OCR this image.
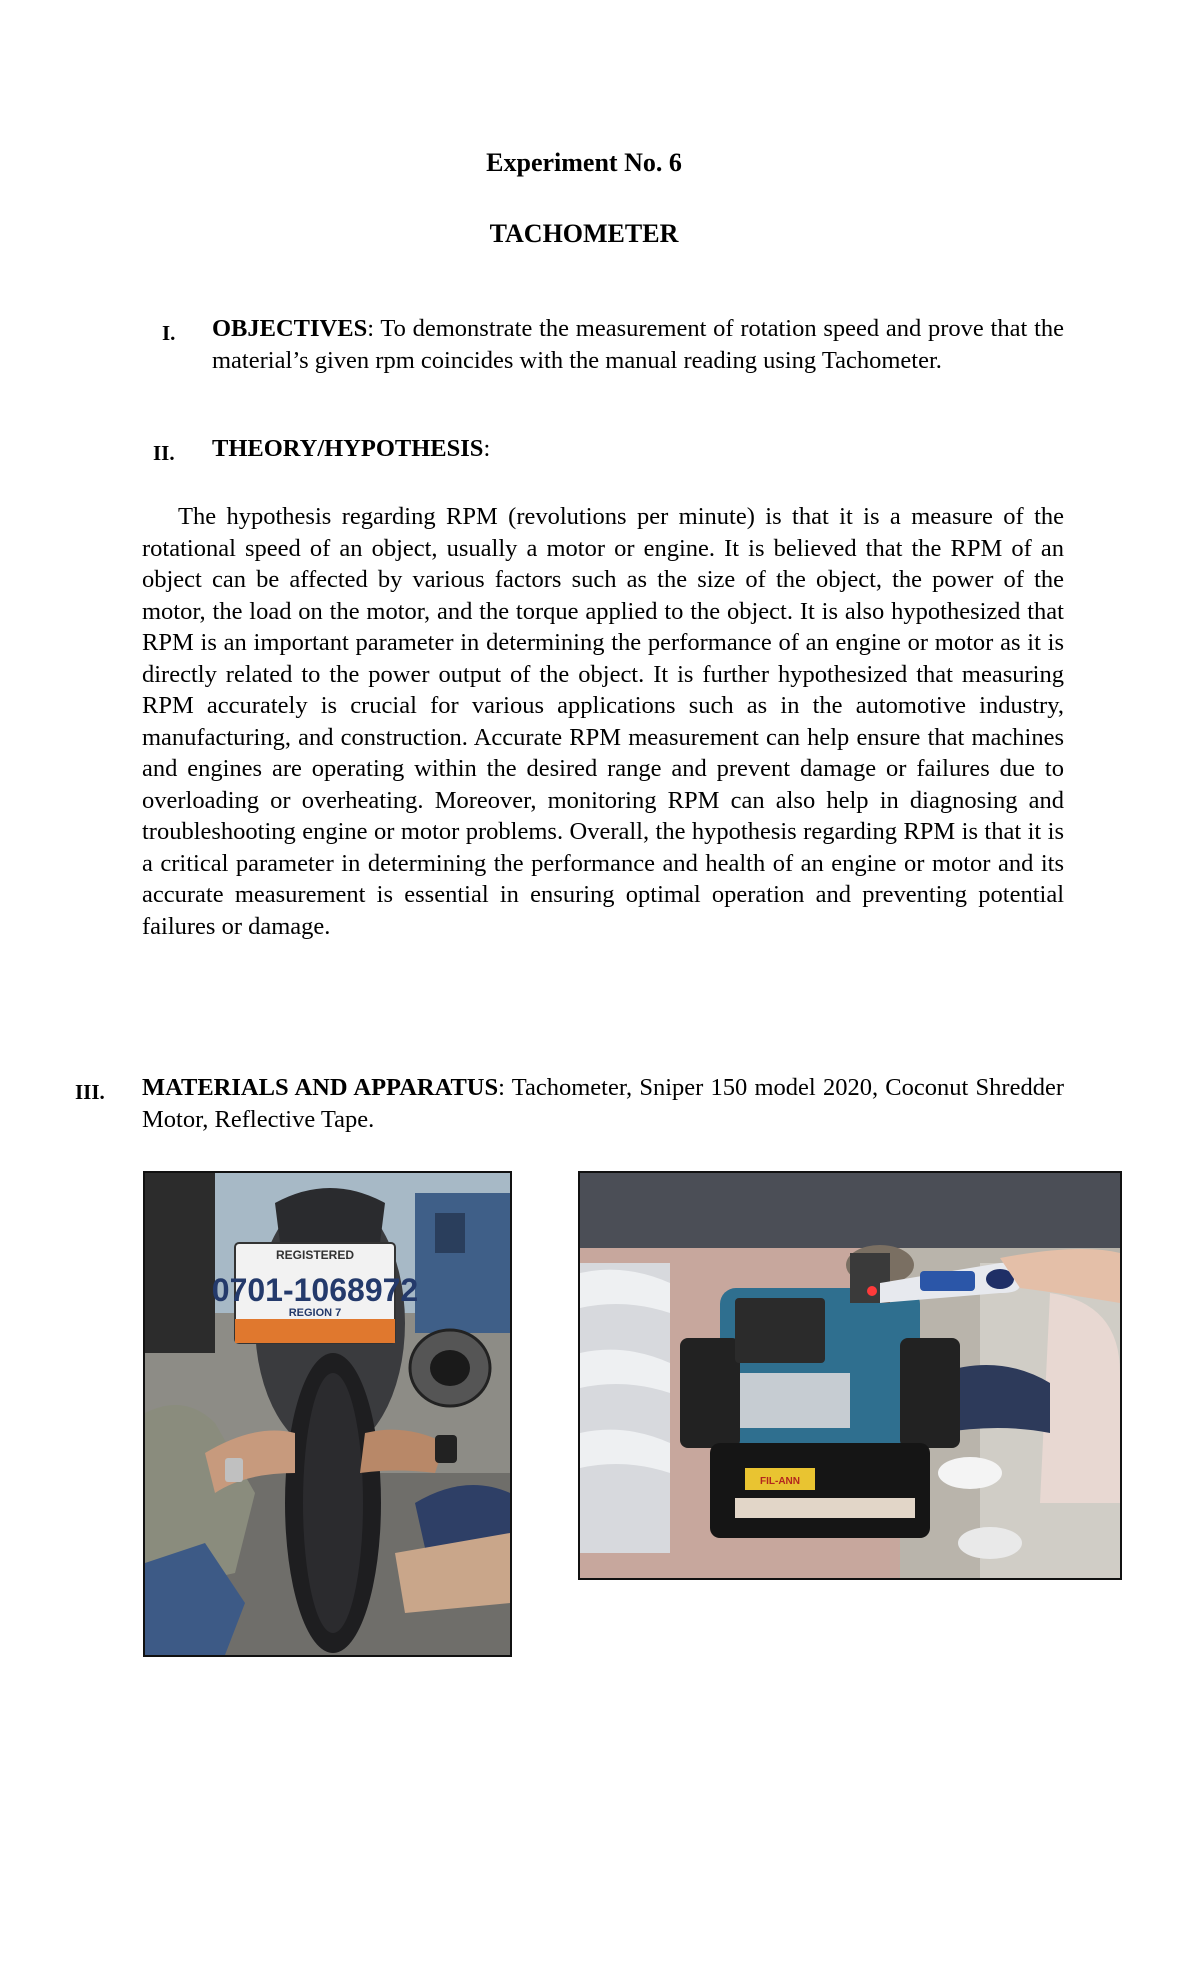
Experiment No. 6
TACHOMETER
I. OBJECTIVES: To demonstrate the measurement of rotation speed and prove that the material’s given rpm coincides with the manual reading using Tachometer.
II. THEORY/HYPOTHESIS:
The hypothesis regarding RPM (revolutions per minute) is that it is a measure of the rotational speed of an object, usually a motor or engine. It is believed that the RPM of an object can be affected by various factors such as the size of the object, the power of the motor, the load on the motor, and the torque applied to the object. It is also hypothesized that RPM is an important parameter in determining the performance of an engine or motor as it is directly related to the power output of the object. It is further hypothesized that measuring RPM accurately is crucial for various applications such as in the automotive industry, manufacturing, and construction. Accurate RPM measurement can help ensure that machines and engines are operating within the desired range and prevent damage or failures due to overloading or overheating. Moreover, monitoring RPM can also help in diagnosing and troubleshooting engine or motor problems. Overall, the hypothesis regarding RPM is that it is a critical parameter in determining the performance and health of an engine or motor and its accurate measurement is essential in ensuring optimal operation and preventing potential failures or damage.
III. MATERIALS AND APPARATUS: Tachometer, Sniper 150 model 2020, Coconut Shredder Motor, Reflective Tape.
REGISTERED
0701-1068972
REGION 7
FIL-ANN
